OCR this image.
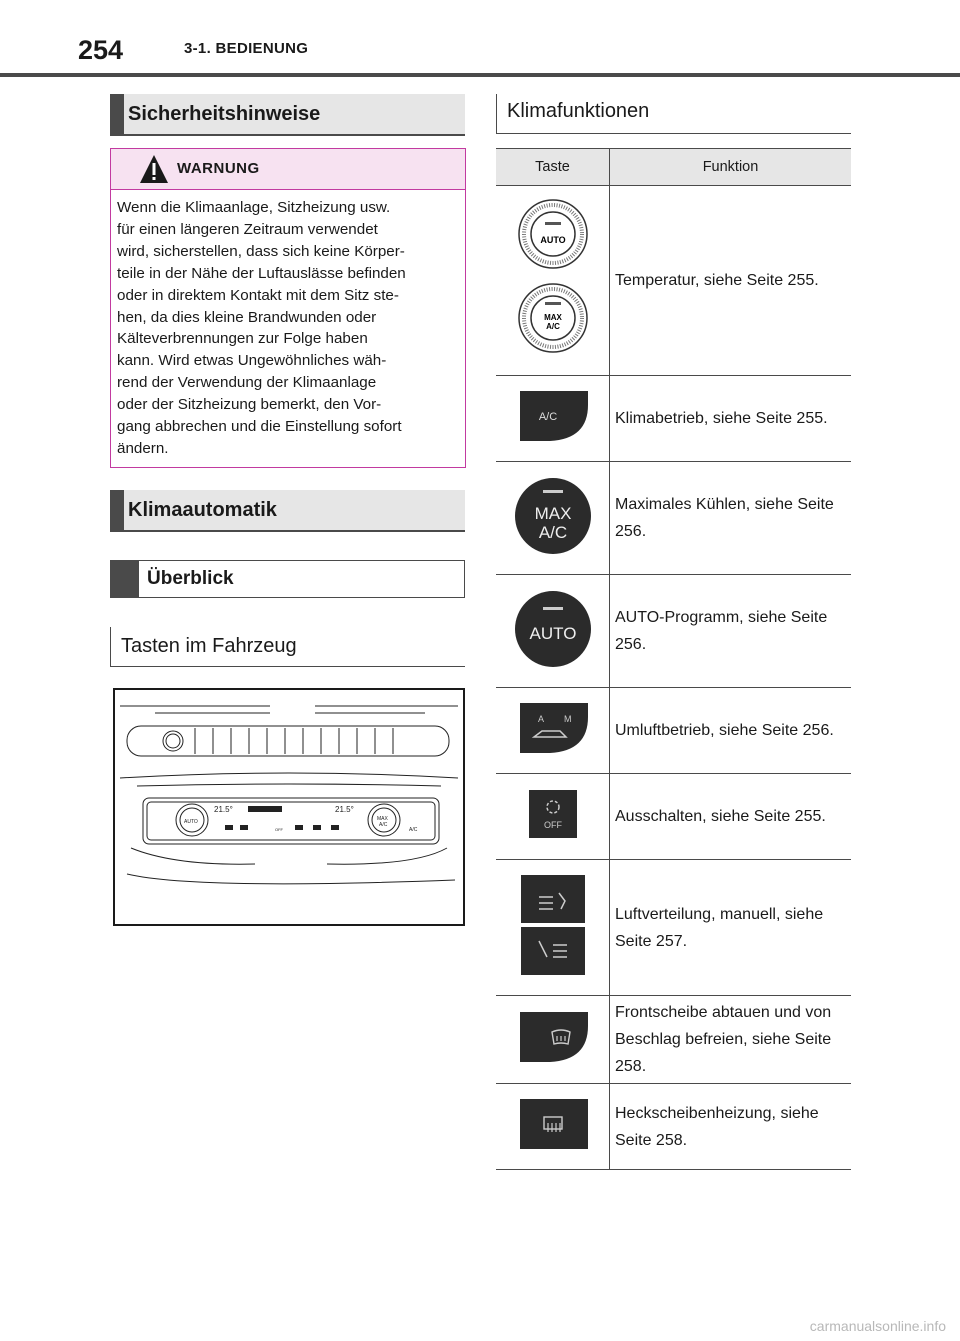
254	3-1. BEDIENUNG
Sicherheitshinweise
WARNUNG
Wenn die Klimaanlage, Sitzheizung usw.
für einen längeren Zeitraum verwendet
wird, sicherstellen, dass sich keine Körper-
teile in der Nähe der Luftauslässe befinden
oder in direktem Kontakt mit dem Sitz ste-
hen, da dies kleine Brandwunden oder
Kälteverbrennungen zur Folge haben
kann. Wird etwas Ungewöhnliches wäh-
rend der Verwendung der Klimaanlage
oder der Sitzheizung bemerkt, den Vor-
gang abbrechen und die Einstellung sofort
ändern.
Klimaautomatik
Überblick
Tasten im Fahrzeug
21.5°	21.5°
AUTO	MAX
A/C
A/C
OFF
Klimafunktionen
Taste	Funktion

AUTO
MAX
A/C	Temperatur, siehe Seite 255.

A/C	Klimabetrieb, siehe Seite 255.

MAX
A/C	Maximales Kühlen, siehe Seite 256.

AUTO	AUTO-Programm, siehe Seite 256.

A M	Umluftbetrieb, siehe Seite 256.

OFF	Ausschalten, siehe Seite 255.
	Luftverteilung, manuell, siehe Seite 257.
	Frontscheibe abtauen und von Beschlag befreien, siehe Seite 258.
	Heckscheibenheizung, siehe Seite 258.
carmanualsonline.info
